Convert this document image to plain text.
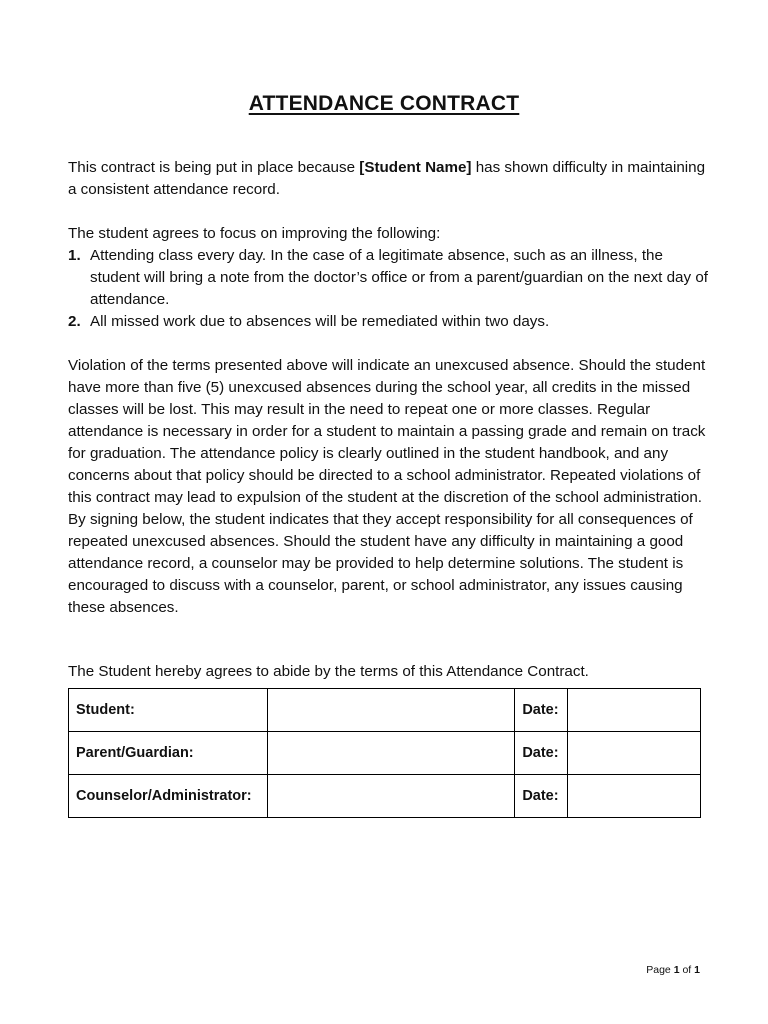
ATTENDANCE CONTRACT

This contract is being put in place because [Student Name] has shown difficulty in maintaining a consistent attendance record.

The student agrees to focus on improving the following:

1. Attending class every day. In the case of a legitimate absence, such as an illness, the student will bring a note from the doctor’s office or from a parent/guardian on the next day of attendance.
2. All missed work due to absences will be remediated within two days.

Violation of the terms presented above will indicate an unexcused absence. Should the student have more than five (5) unexcused absences during the school year, all credits in the missed classes will be lost. This may result in the need to repeat one or more classes. Regular attendance is necessary in order for a student to maintain a passing grade and remain on track for graduation. The attendance policy is clearly outlined in the student handbook, and any concerns about that policy should be directed to a school administrator. Repeated violations of this contract may lead to expulsion of the student at the discretion of the school administration. By signing below, the student indicates that they accept responsibility for all consequences of repeated unexcused absences. Should the student have any difficulty in maintaining a good attendance record, a counselor may be provided to help determine solutions. The student is encouraged to discuss with a counselor, parent, or school administrator, any issues causing these absences.

The Student hereby agrees to abide by the terms of this Attendance Contract.

Student:		Date:	
Parent/Guardian:		Date:	
Counselor/Administrator:		Date:	
Page 1 of 1
